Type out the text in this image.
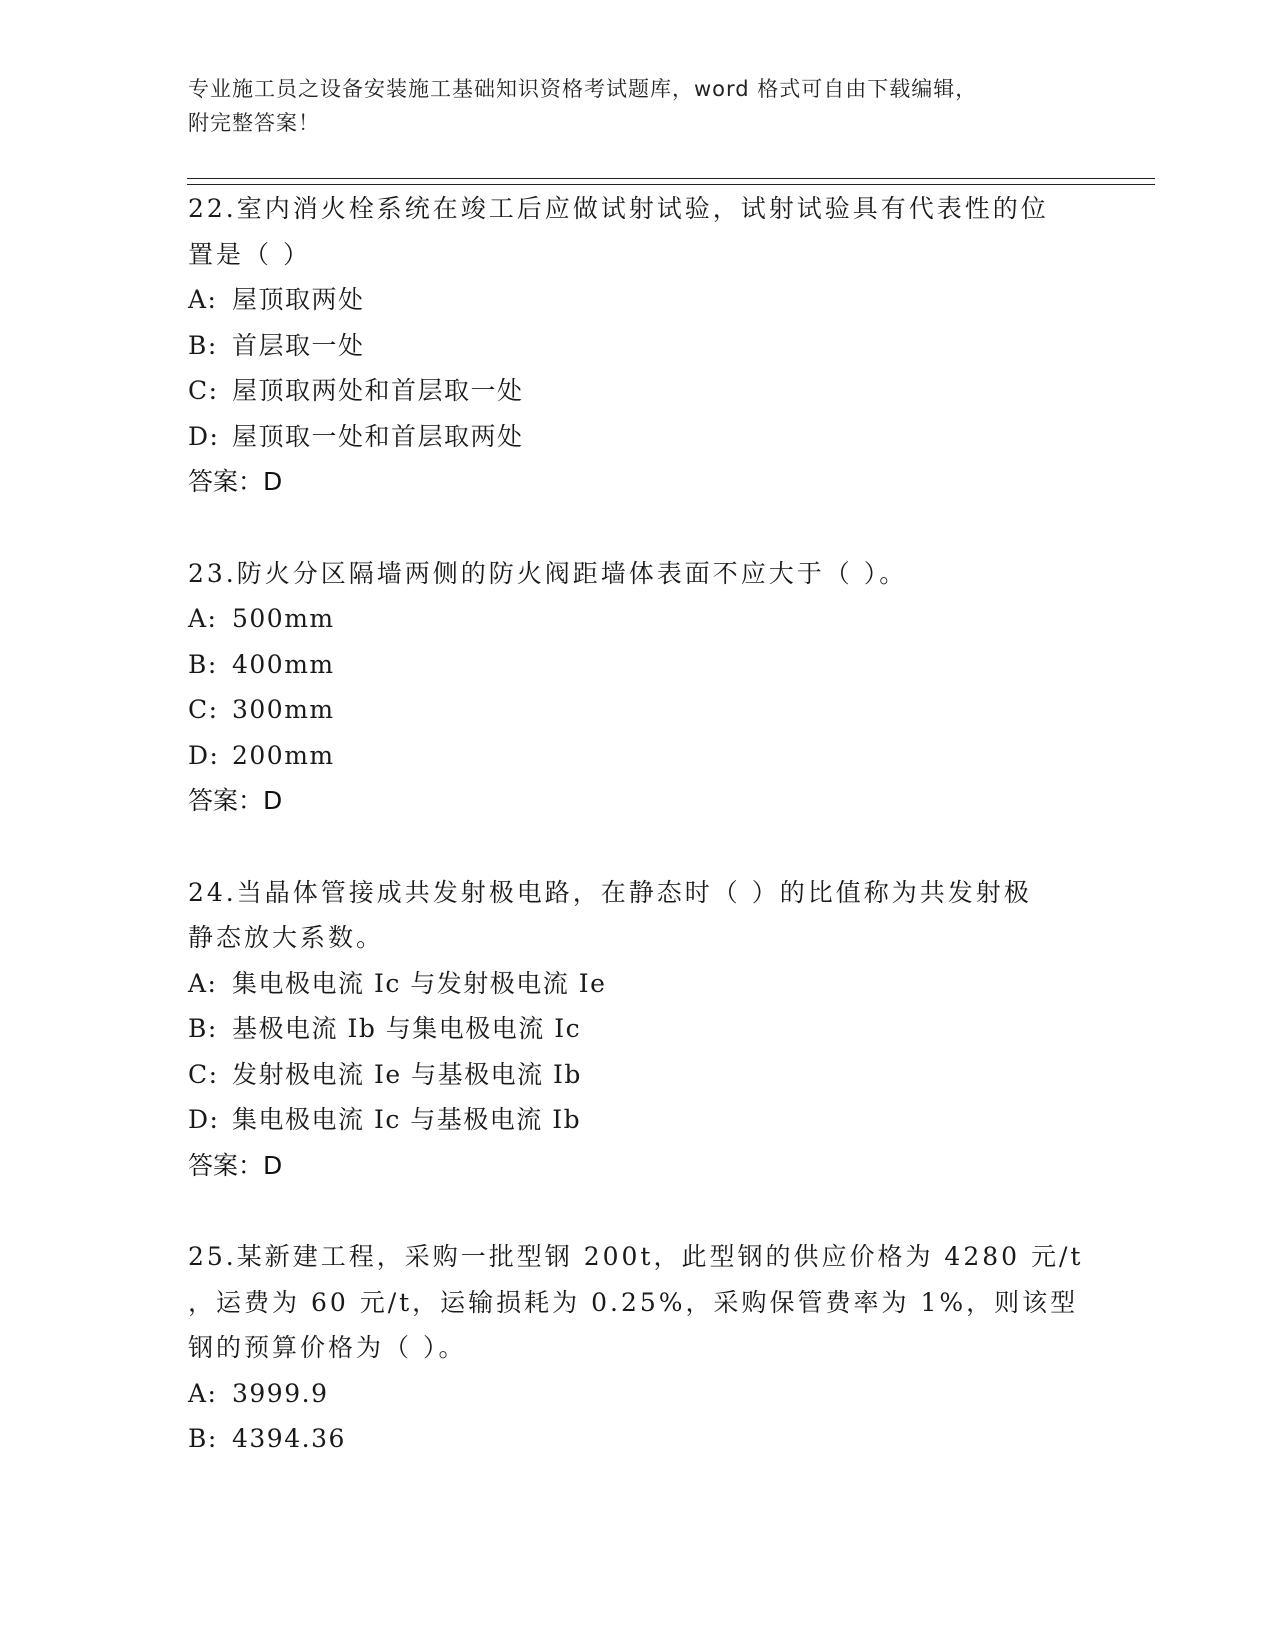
专业施工员之设备安装施工基础知识资格考试题库，word 格式可自由下载编辑，
附完整答案！
22.室内消火栓系统在竣工后应做试射试验，试射试验具有代表性的位
置是（ ）
A: 屋顶取两处
B: 首层取一处
C: 屋顶取两处和首层取一处
D: 屋顶取一处和首层取两处
答案：D
23.防火分区隔墙两侧的防火阀距墙体表面不应大于（ ）。
A: 500mm
B: 400mm
C: 300mm
D: 200mm
答案：D
24.当晶体管接成共发射极电路，在静态时（ ）的比值称为共发射极
静态放大系数。
A: 集电极电流 Ic 与发射极电流 Ie
B: 基极电流 Ib 与集电极电流 Ic
C: 发射极电流 Ie 与基极电流 Ib
D: 集电极电流 Ic 与基极电流 Ib
答案：D
25.某新建工程，采购一批型钢 200t，此型钢的供应价格为 4280 元/t
，运费为 60 元/t，运输损耗为 0.25%，采购保管费率为 1%，则该型
钢的预算价格为（ ）。
A: 3999.9
B: 4394.36
